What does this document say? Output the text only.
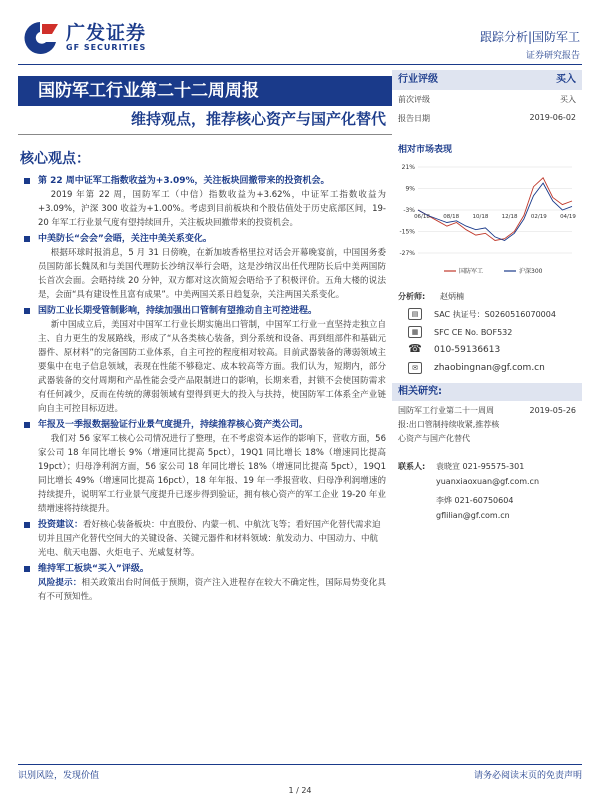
广发证券
GF SECURITIES
跟踪分析|国防军工
证券研究报告
国防军工行业第二十二周周报
维持观点，推荐核心资产与国产化替代
行业评级	买入
前次评级	买入
报告日期	2019-06-02
相对市场表现
21%
9%
-3%
-15%
-27%
06/18 08/18 10/18 12/18 02/19 04/19
国防军工	沪深300
分析师:	赵炳楠
▤	SAC 执证号：S0260516070004
▦	SFC CE No. BOF532
☎ 010-59136613
✉	zhaobingnan@gf.com.cn
相关研究:
国防军工行业第二十一周周	2019-05-26
报:出口管制持续收紧,推荐核
心资产与国产化替代
联系人:	袁晓宣 021-95575-301
yuanxiaoxuan@gf.com.cn
李烨 021-60750604
gflilian@gf.com.cn
核心观点：
第 22 周中证军工指数收益为+3.09%，关注板块回撤带来的投资机会。
2019 年第 22 周，国防军工（中信）指数收益为+3.62%，中证军工指数收益为+3.09%，沪深 300 收益为+1.00%。考虑到目前板块和个股估值处于历史底部区间，19-20 年军工行业景气度有望持续回升，关注板块回撤带来的投资机会。
中美防长“会会”会晤，关注中美关系变化。
根据环球时报消息，5 月 31 日傍晚，在新加坡香格里拉对话会开幕晚宴前，中国国务委员国防部长魏凤和与美国代理防长沙纳汉举行会晤，这是沙纳汉出任代理防长后中美两国防长首次会面。会晤持续 20 分钟，双方都对这次简短会晤给予了积极评价。五角大楼的说法是，会面“具有建设性且富有成果”。中美两国关系日趋复杂，关注两国关系变化。
国防工业长期受管制影响，持续加强出口管制有望推动自主可控进程。
新中国成立后，美国对中国军工行业长期实施出口管制，中国军工行业一直坚持走独立自主、自力更生的发展路线，形成了“从各类核心装备，到分系统和设备、再到组部件和基础元器件、原材料”的完备国防工业体系，自主可控的程度相对较高。目前武器装备的薄弱领域主要集中在电子信息领域，表现在性能不够稳定、成本较高等方面。我们认为，短期内，部分武器装备的交付周期和产品性能会受产品限制进口的影响，长期来看，封锁不会使国防需求有任何减少，反而在传统的薄弱领域有望得到更大的投入与扶持，使国防军工体系全产业链向自主可控目标迈进。
年报及一季报数据验证行业景气度提升，持续推荐核心资产类公司。
我们对 56 家军工核心公司情况进行了整理，在不考虑资本运作的影响下，营收方面，56 家公司 18 年同比增长 9%（增速同比提高 5pct），19Q1 同比增长 18%（增速同比提高 19pct）；归母净利润方面，56 家公司 18 年同比增长 18%（增速同比提高 5pct），19Q1 同比增长 49%（增速同比提高 16pct），18 年年报、19 年一季报营收、归母净利润增速的持续提升，说明军工行业景气度提升已逐步得到验证，拥有核心资产的军工企业 19-20 年业绩增速将持续提升。
投资建议：看好核心装备板块：中直股份、内蒙一机、中航沈飞等；看好国产化替代需求迫切并且国产化替代空间大的关键设备、关键元器件和材料领域：航发动力、中国动力、中航光电、航天电器、火炬电子、光威复材等。
维持军工板块“买入”评级。
风险提示：相关政策出台时间低于预期，资产注入进程存在较大不确定性，国际局势变化具有不可预知性。
识别风险，发现价值	请务必阅读末页的免责声明
1 / 24
